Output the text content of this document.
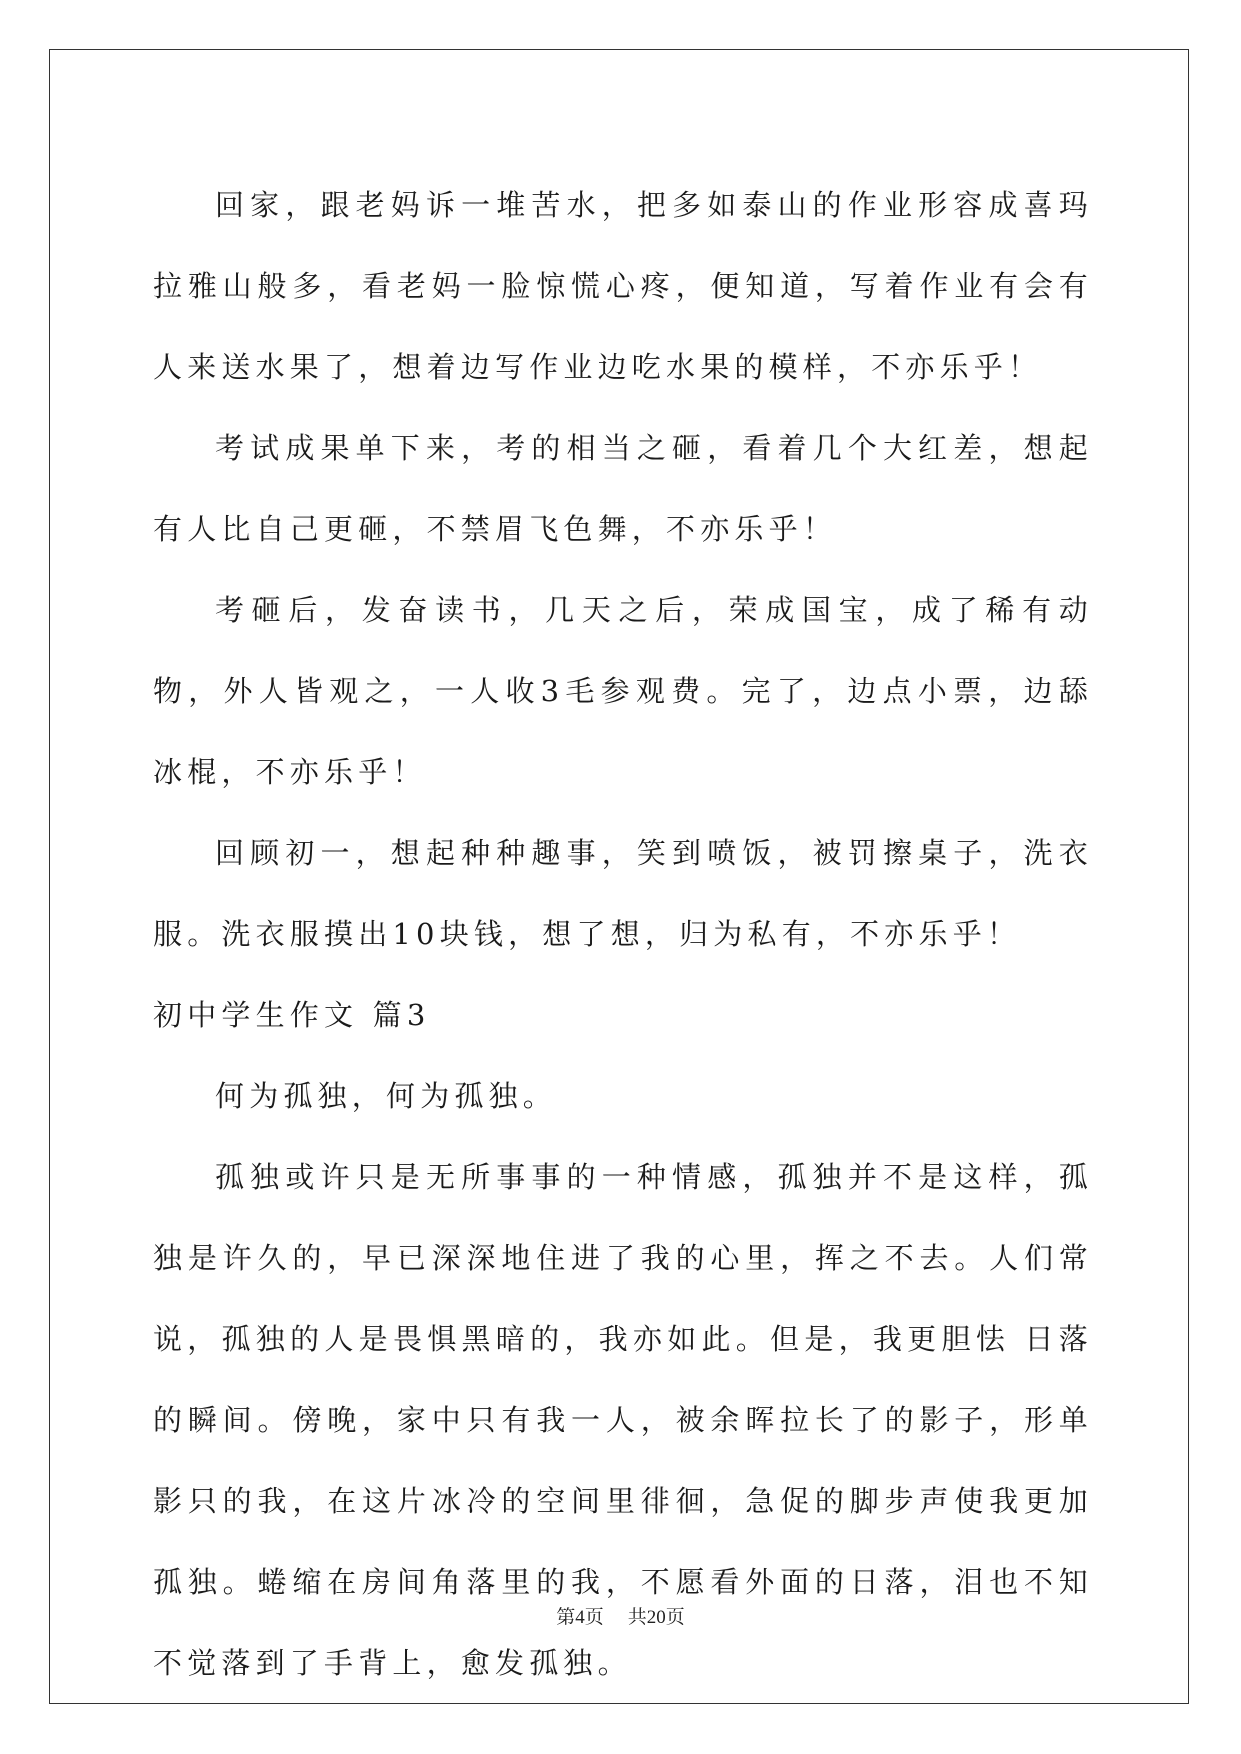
回家，跟老妈诉一堆苦水，把多如泰山的作业形容成喜玛拉雅山般多，看老妈一脸惊慌心疼，便知道，写着作业有会有人来送水果了，想着边写作业边吃水果的模样，不亦乐乎！

考试成果单下来，考的相当之砸，看着几个大红差，想起有人比自己更砸，不禁眉飞色舞，不亦乐乎！

考砸后，发奋读书，几天之后，荣成国宝，成了稀有动物，外人皆观之，一人收3毛参观费。完了，边点小票，边舔冰棍，不亦乐乎！

回顾初一，想起种种趣事，笑到喷饭，被罚擦桌子，洗衣服。洗衣服摸出10块钱，想了想，归为私有，不亦乐乎！

初中学生作文 篇3

何为孤独，何为孤独。

孤独或许只是无所事事的一种情感，孤独并不是这样，孤独是许久的，早已深深地住进了我的心里，挥之不去。人们常说，孤独的人是畏惧黑暗的，我亦如此。但是，我更胆怯 日落的瞬间。傍晚，家中只有我一人，被余晖拉长了的影子，形单影只的我，在这片冰冷的空间里徘徊，急促的脚步声使我更加孤独。蜷缩在房间角落里的我，不愿看外面的日落，泪也不知不觉落到了手背上，愈发孤独。

第4页 共20页
